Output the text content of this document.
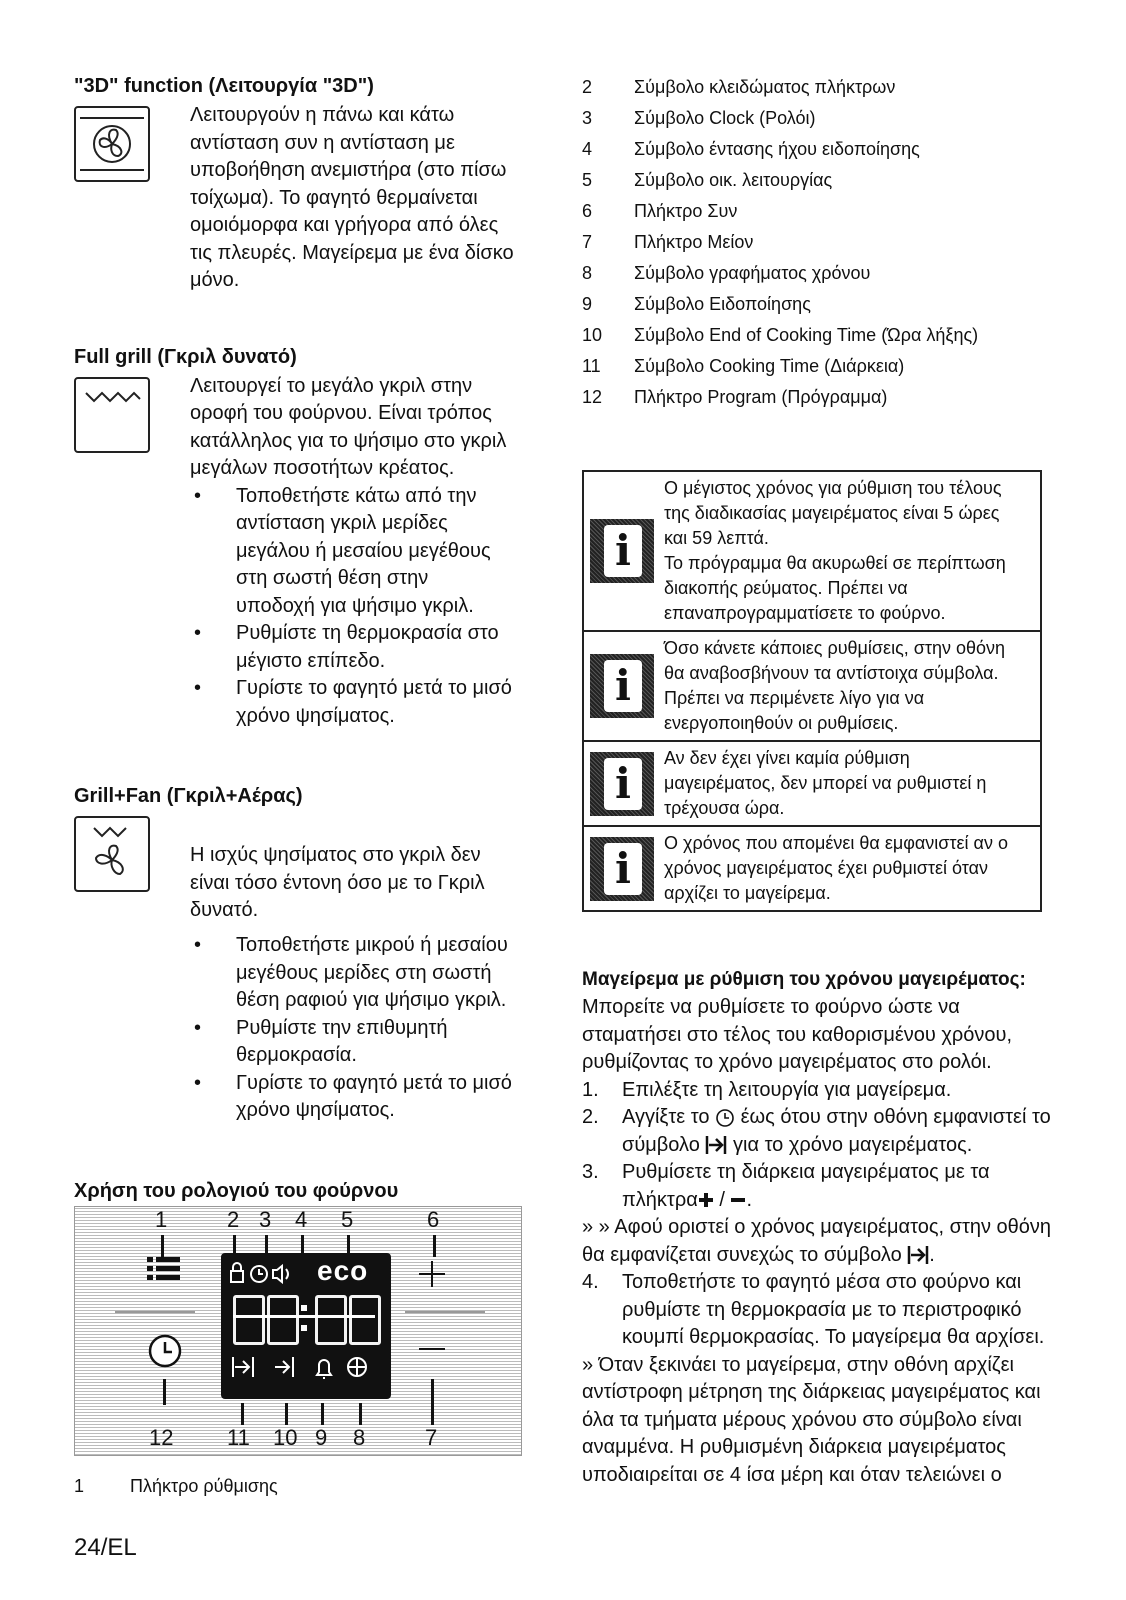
"3D" function (Λειτουργία "3D")
Λειτουργούν η πάνω και κάτω
αντίσταση συν η αντίσταση με
υποβοήθηση ανεμιστήρα (στο πίσω
τοίχωμα). Το φαγητό θερμαίνεται
ομοιόμορφα και γρήγορα από όλες
τις πλευρές. Μαγείρεμα με ένα δίσκο
μόνο.
Full grill (Γκριλ δυνατό)
Λειτουργεί το μεγάλο γκριλ στην
οροφή του φούρνου. Είναι τρόπος
κατάλληλος για το ψήσιμο στο γκριλ
μεγάλων ποσοτήτων κρέατος.
• Τοποθετήστε κάτω από την
αντίσταση γκριλ μερίδες
μεγάλου ή μεσαίου μεγέθους
στη σωστή θέση στην
υποδοχή για ψήσιμο γκριλ.
• Ρυθμίστε τη θερμοκρασία στο
μέγιστο επίπεδο.
• Γυρίστε το φαγητό μετά το μισό
χρόνο ψησίματος.
Grill+Fan (Γκριλ+Αέρας)
Η ισχύς ψησίματος στο γκριλ δεν
είναι τόσο έντονη όσο με το Γκριλ
δυνατό.
• Τοποθετήστε μικρού ή μεσαίου
μεγέθους μερίδες στη σωστή
θέση ραφιού για ψήσιμο γκριλ.
• Ρυθμίστε την επιθυμητή
θερμοκρασία.
• Γυρίστε το φαγητό μετά το μισό
χρόνο ψησίματος.
Χρήση του ρολογιού του φούρνου
1	2 3 4 5	6
eco
12 11 10 9 8	7
1	Πλήκτρο ρύθμισης
24/EL
2	Σύμβολο κλειδώματος πλήκτρων
3	Σύμβολο Clock (Ρολόι)
4	Σύμβολο έντασης ήχου ειδοποίησης
5	Σύμβολο οικ. λειτουργίας
6	Πλήκτρο Συν
7	Πλήκτρο Μείον
8	Σύμβολο γραφήματος χρόνου
9	Σύμβολο Ειδοποίησης
10	Σύμβολο End of Cooking Time (Ώρα λήξης)
11	Σύμβολο Cooking Time (Διάρκεια)
12	Πλήκτρο Program (Πρόγραμμα)
i
Ο μέγιστος χρόνος για ρύθμιση του τέλους
της διαδικασίας μαγειρέματος είναι 5 ώρες
και 59 λεπτά.
Το πρόγραμμα θα ακυρωθεί σε περίπτωση
διακοπής ρεύματος. Πρέπει να
επαναπρογραμματίσετε το φούρνο.
i
Όσο κάνετε κάποιες ρυθμίσεις, στην οθόνη
θα αναβοσβήνουν τα αντίστοιχα σύμβολα.
Πρέπει να περιμένετε λίγο για να
ενεργοποιηθούν οι ρυθμίσεις.
i
Αν δεν έχει γίνει καμία ρύθμιση
μαγειρέματος, δεν μπορεί να ρυθμιστεί η
τρέχουσα ώρα.
i
Ο χρόνος που απομένει θα εμφανιστεί αν ο
χρόνος μαγειρέματος έχει ρυθμιστεί όταν
αρχίζει το μαγείρεμα.
Μαγείρεμα με ρύθμιση του χρόνου μαγειρέματος:
Μπορείτε να ρυθμίσετε το φούρνο ώστε να
σταματήσει στο τέλος του καθορισμένου χρόνου,
ρυθμίζοντας το χρόνο μαγειρέματος στο ρολόι.
1.	Επιλέξτε τη λειτουργία για μαγείρεμα.
2.	Αγγίξτε το έως ότου στην οθόνη εμφανιστεί το
σύμβολο για το χρόνο μαγειρέματος.
3.	Ρυθμίσετε τη διάρκεια μαγειρέματος με τα
πλήκτρα / .
» » Αφού οριστεί ο χρόνος μαγειρέματος, στην οθόνη
θα εμφανίζεται συνεχώς το σύμβολο .
4.	Τοποθετήστε το φαγητό μέσα στο φούρνο και
ρυθμίστε τη θερμοκρασία με το περιστροφικό
κουμπί θερμοκρασίας. Το μαγείρεμα θα αρχίσει.
» Όταν ξεκινάει το μαγείρεμα, στην οθόνη αρχίζει
αντίστροφη μέτρηση της διάρκειας μαγειρέματος και
όλα τα τμήματα μέρους χρόνου στο σύμβολο είναι
αναμμένα. Η ρυθμισμένη διάρκεια μαγειρέματος
υποδιαιρείται σε 4 ίσα μέρη και όταν τελειώνει ο
